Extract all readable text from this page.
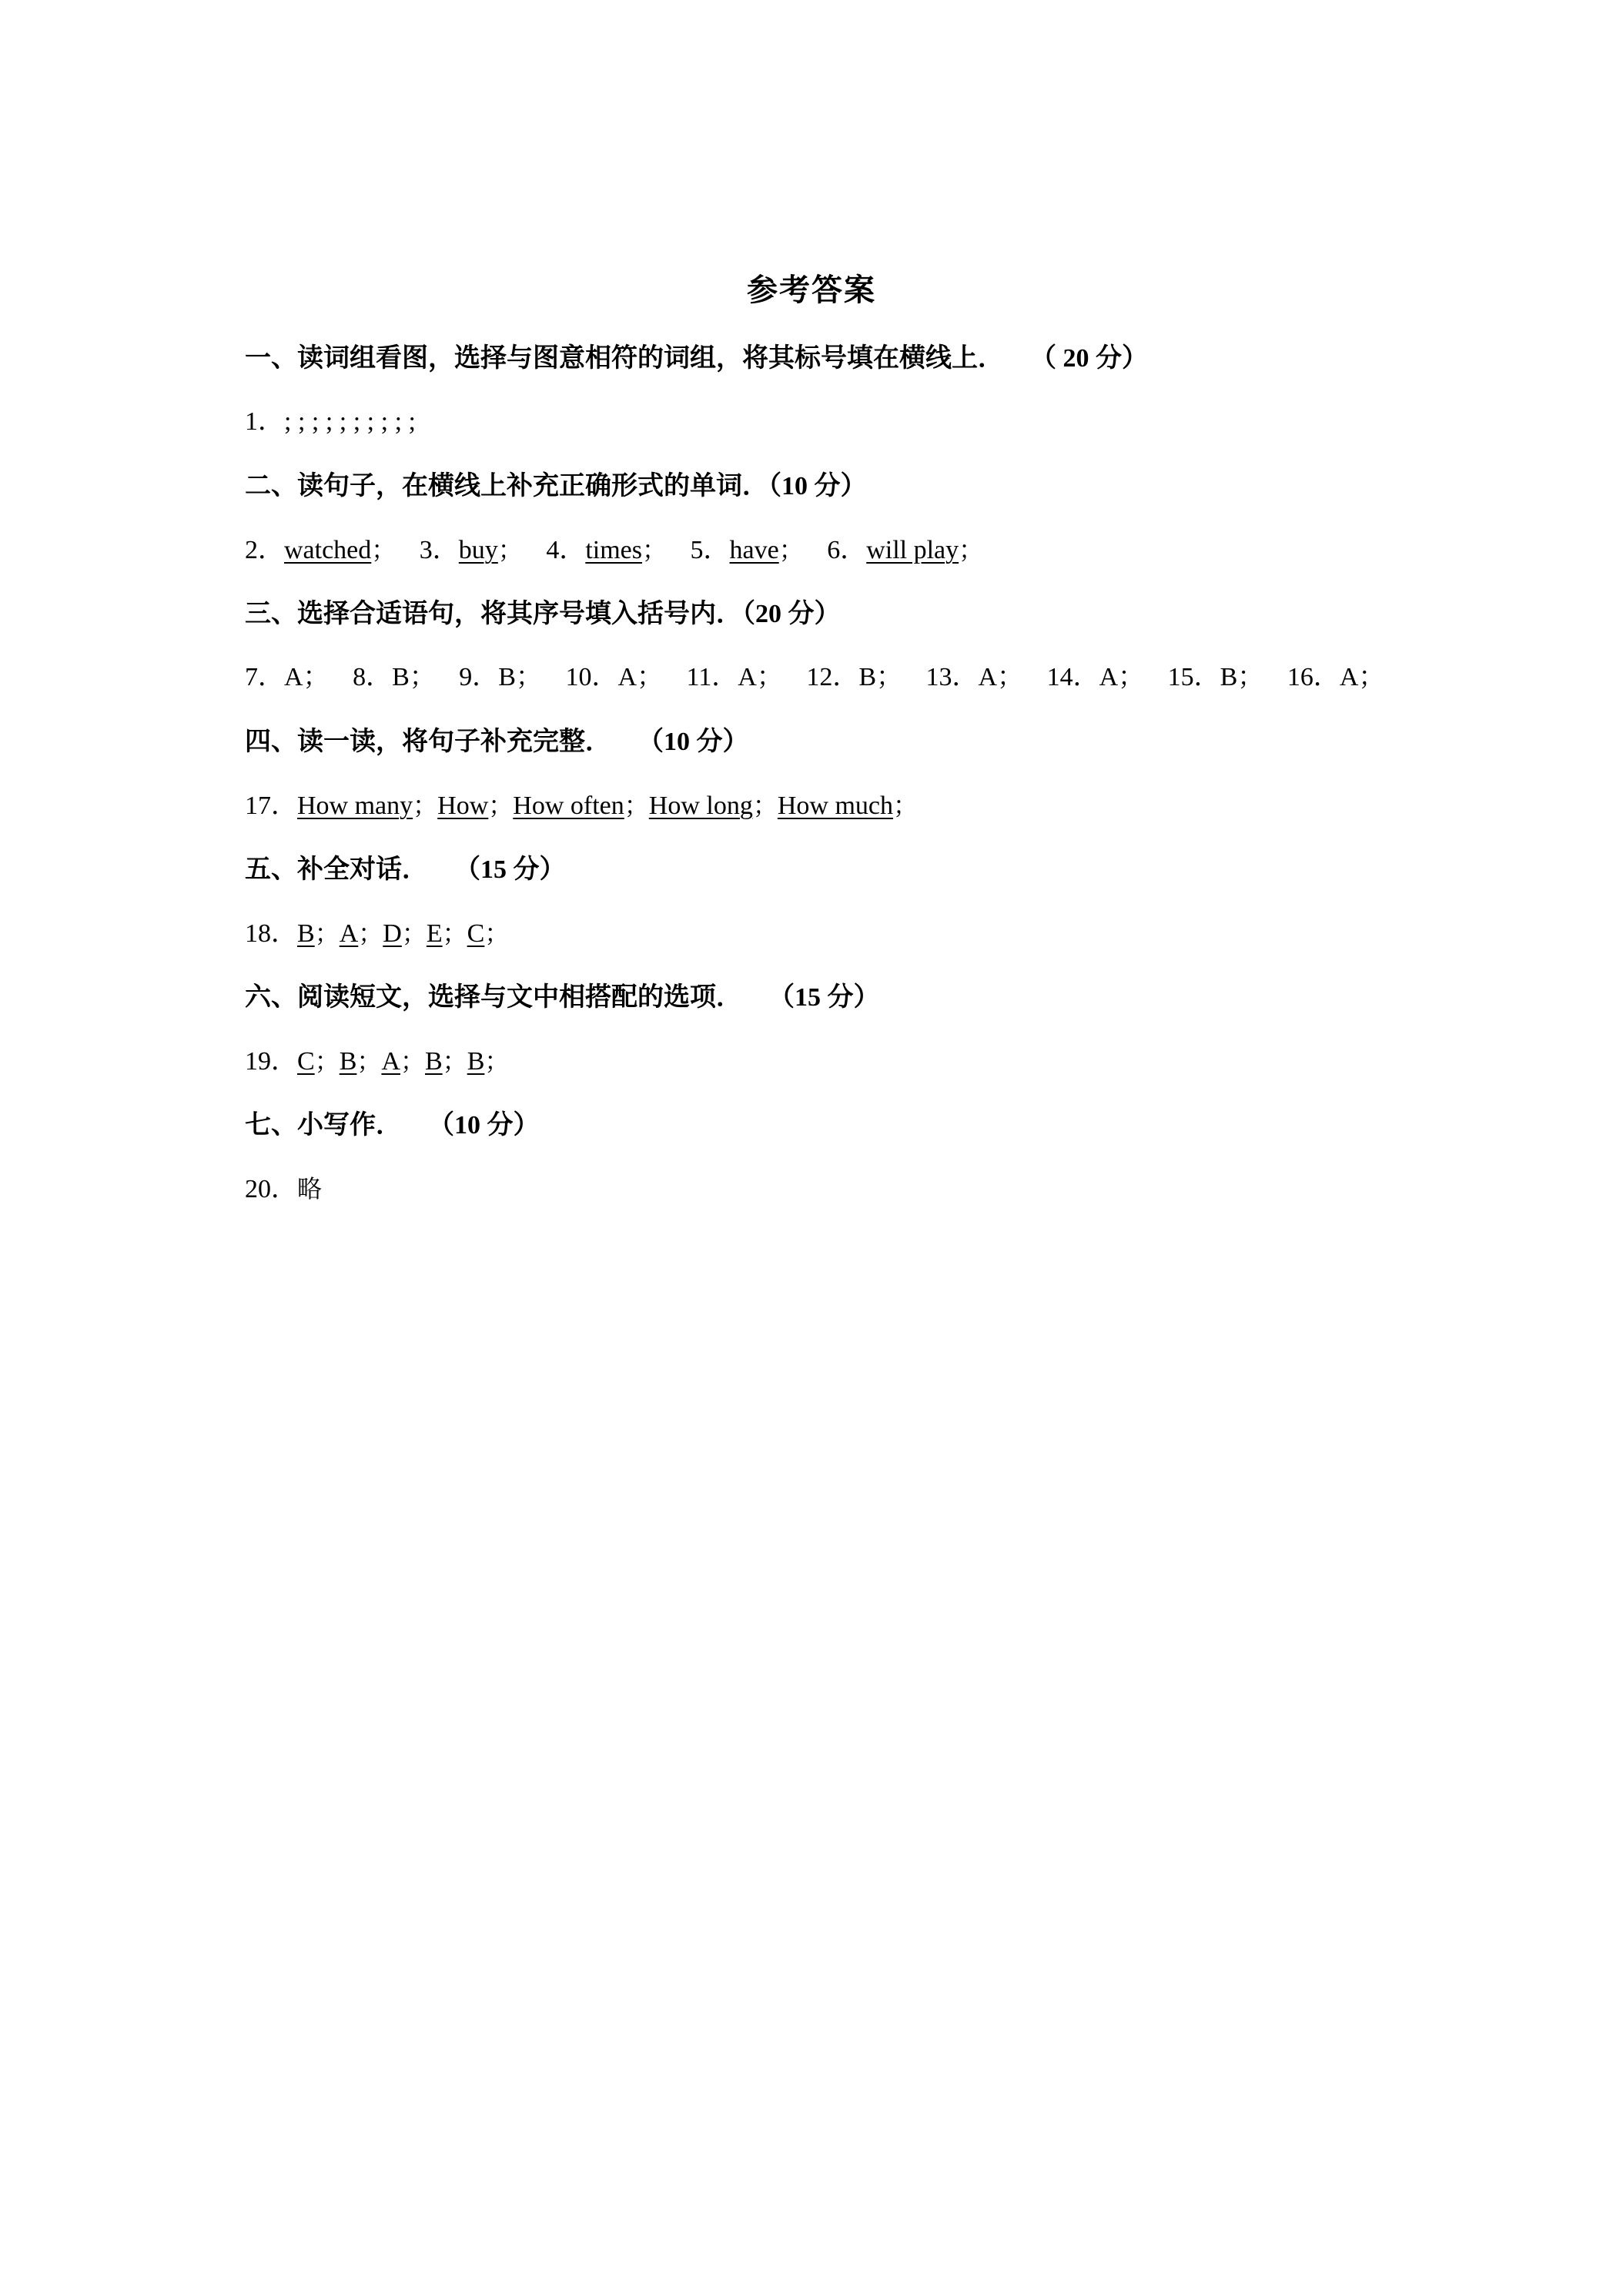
参考答案
一、读词组看图，选择与图意相符的词组，将其标号填在横线上． （ 20 分）
1．; ; ; ; ; ; ; ; ; ;
二、读句子，在横线上补充正确形式的单词．（10 分）
2．watched； 3．buy； 4．times； 5．have； 6．will play；
三、选择合适语句，将其序号填入括号内．（20 分）
7．A； 8．B； 9．B； 10．A； 11．A； 12．B； 13．A； 14．A； 15．B； 16．A；
四、读一读，将句子补充完整． （10 分）
17．How many；How；How often；How long；How much；
五、补全对话． （15 分）
18．B；A；D；E；C；
六、阅读短文，选择与文中相搭配的选项． （15 分）
19．C；B；A；B；B；
七、小写作． （10 分）
20．略
